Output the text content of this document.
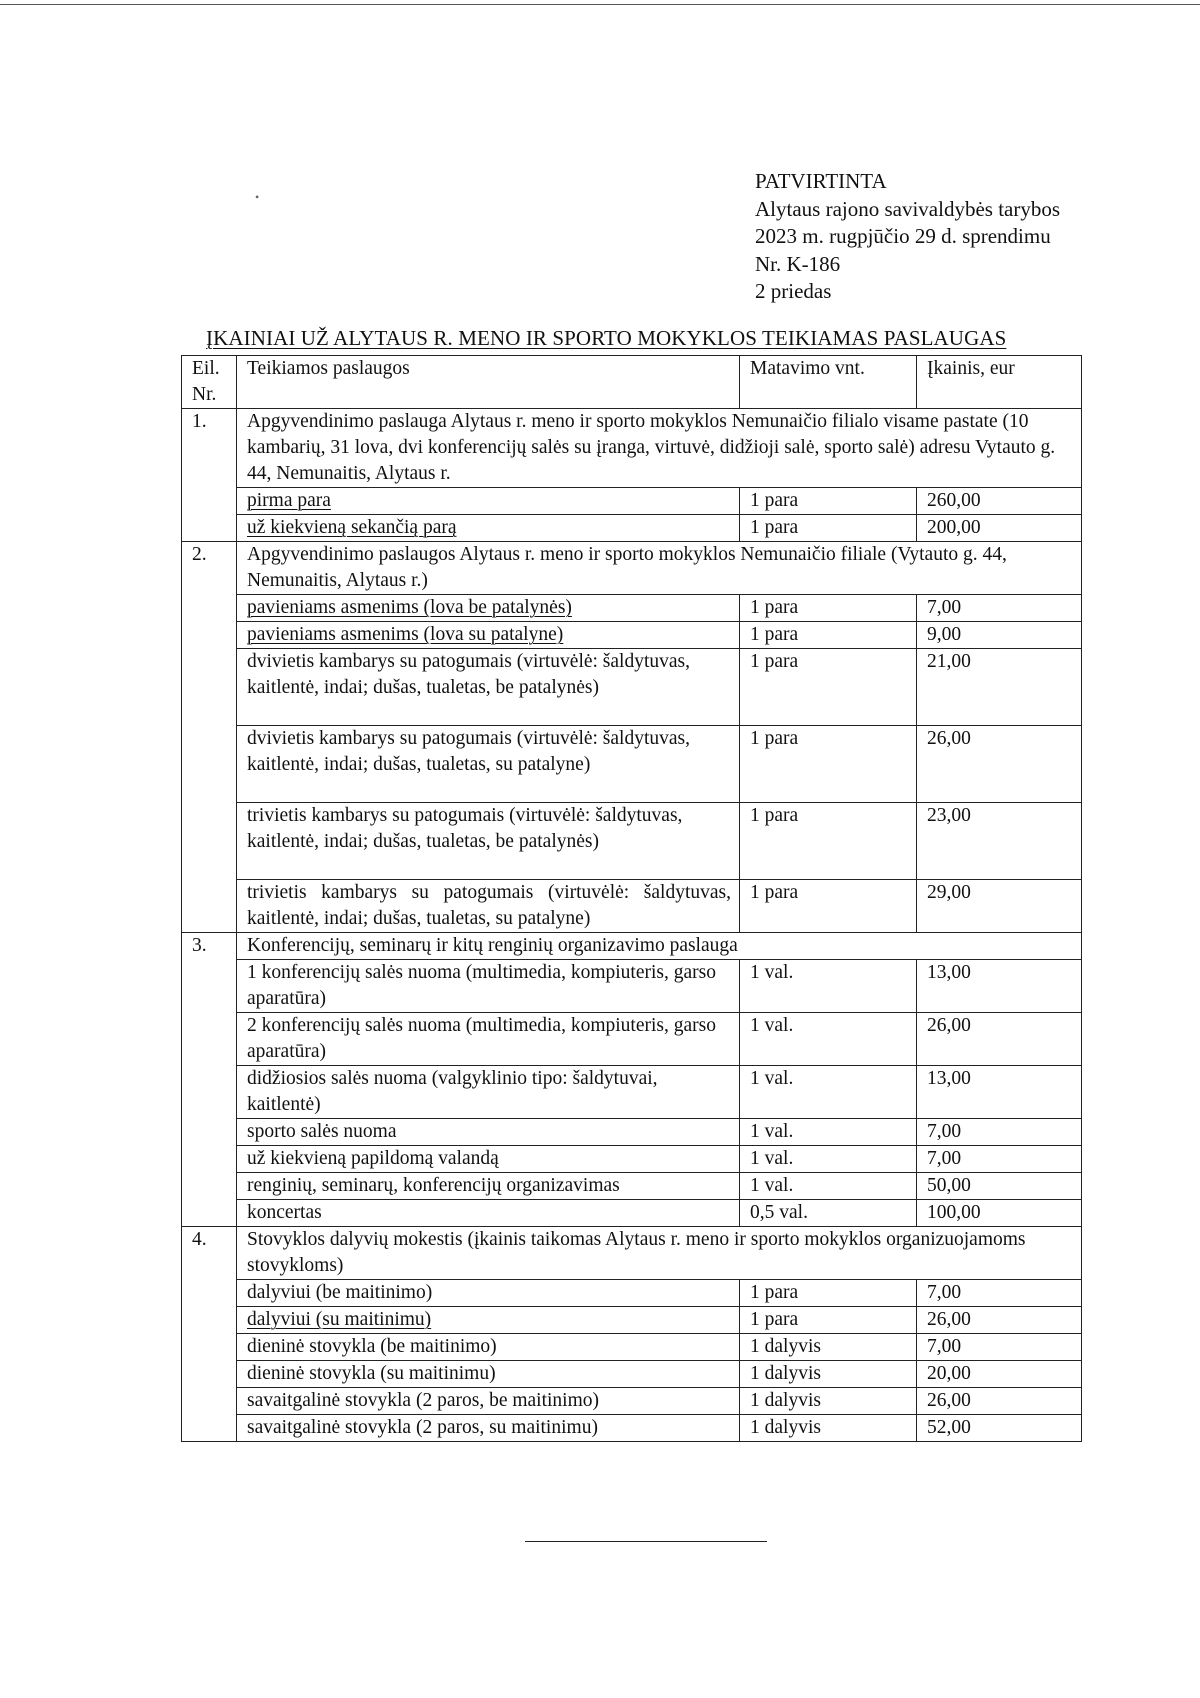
•
PATVIRTINTA
Alytaus rajono savivaldybės tarybos
2023 m. rugpjūčio 29 d. sprendimu
Nr. K-186
2 priedas
ĮKAINIAI UŽ ALYTAUS R. MENO IR SPORTO MOKYKLOS TEIKIAMAS PASLAUGAS
Eil. Nr.	Teikiamos paslaugos	Matavimo vnt.	Įkainis, eur
1.	Apgyvendinimo paslauga Alytaus r. meno ir sporto mokyklos Nemunaičio filialo visame pastate (10 kambarių, 31 lova, dvi konferencijų salės su įranga, virtuvė, didžioji salė, sporto salė) adresu Vytauto g. 44, Nemunaitis, Alytaus r.		
	pirma para	1 para	260,00
	už kiekvieną sekančią parą	1 para	200,00
2.	Apgyvendinimo paslaugos Alytaus r. meno ir sporto mokyklos Nemunaičio filiale (Vytauto g. 44, Nemunaitis, Alytaus r.)		
	pavieniams asmenims (lova be patalynės)	1 para	7,00
	pavieniams asmenims (lova su patalyne)	1 para	9,00
	dvivietis kambarys su patogumais (virtuvėlė: šaldytuvas, kaitlentė, indai; dušas, tualetas, be patalynės)	1 para	21,00
	dvivietis kambarys su patogumais (virtuvėlė: šaldytuvas, kaitlentė, indai; dušas, tualetas, su patalyne)	1 para	26,00
	trivietis kambarys su patogumais (virtuvėlė: šaldytuvas, kaitlentė, indai; dušas, tualetas, be patalynės)	1 para	23,00
	trivietis kambarys su patogumais (virtuvėlė: šaldytuvas, kaitlentė, indai; dušas, tualetas, su patalyne)	1 para	29,00
3.	Konferencijų, seminarų ir kitų renginių organizavimo paslauga		
	1 konferencijų salės nuoma (multimedia, kompiuteris, garso aparatūra)	1 val.	13,00
	2 konferencijų salės nuoma (multimedia, kompiuteris, garso aparatūra)	1 val.	26,00
	didžiosios salės nuoma (valgyklinio tipo: šaldytuvai, kaitlentė)	1 val.	13,00
	sporto salės nuoma	1 val.	7,00
	už kiekvieną papildomą valandą	1 val.	7,00
	renginių, seminarų, konferencijų organizavimas	1 val.	50,00
	koncertas	0,5 val.	100,00
4.	Stovyklos dalyvių mokestis (įkainis taikomas Alytaus r. meno ir sporto mokyklos organizuojamoms stovykloms)		
	dalyviui (be maitinimo)	1 para	7,00
	dalyviui (su maitinimu)	1 para	26,00
	dieninė stovykla (be maitinimo)	1 dalyvis	7,00
	dieninė stovykla (su maitinimu)	1 dalyvis	20,00
	savaitgalinė stovykla (2 paros, be maitinimo)	1 dalyvis	26,00
	savaitgalinė stovykla (2 paros, su maitinimu)	1 dalyvis	52,00
